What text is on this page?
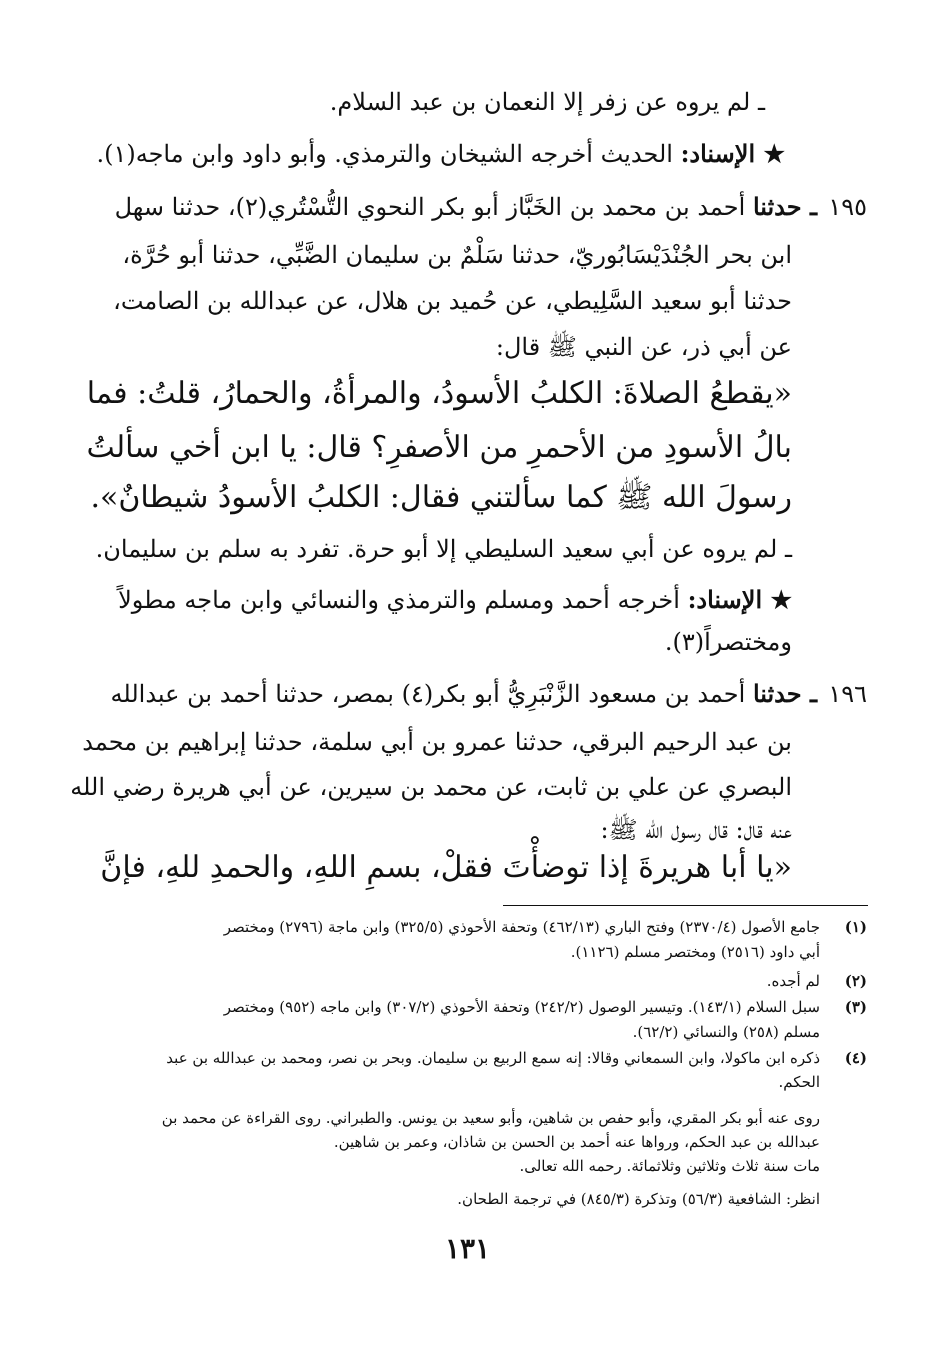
ـ لم يروه عن زفر إلا النعمان بن عبد السلام.
★ الإسناد: الحديث أخرجه الشيخان والترمذي. وأبو داود وابن ماجه(١).
١٩٥
ـ حدثنا أحمد بن محمد بن الخَبَّاز أبو بكر النحوي التُّسْتُري(٢)، حدثنا سهل
ابن بحر الجُنْدَيْسَابُوريّ، حدثنا سَلْمٌ بن سليمان الضَّبِّي، حدثنا أبو حُرَّة،
حدثنا أبو سعيد السَّلِيطي، عن حُميد بن هلال، عن عبدالله بن الصامت،
عن أبي ذر، عن النبي ﷺ قال:
«يقطعُ الصلاةَ: الكلبُ الأسودُ، والمرأةُ، والحمارُ، قلتُ: فما
بالُ الأسودِ من الأحمرِ من الأصفرِ؟ قال: يا ابن أخي سألتُ
رسولَ الله ﷺ كما سألتني فقال: الكلبُ الأسودُ شيطانٌ».
ـ لم يروه عن أبي سعيد السليطي إلا أبو حرة. تفرد به سلم بن سليمان.
★ الإسناد: أخرجه أحمد ومسلم والترمذي والنسائي وابن ماجه مطولاً
ومختصراً(٣).
١٩٦
ـ حدثنا أحمد بن مسعود الزَّنْبَرِيُّ أبو بكر(٤) بمصر، حدثنا أحمد بن عبدالله
بن عبد الرحيم البرقي، حدثنا عمرو بن أبي سلمة، حدثنا إبراهيم بن محمد
البصري عن علي بن ثابت، عن محمد بن سيرين، عن أبي هريرة رضي الله
عنه قال: قال رسول الله ﷺ:
«يا أبا هريرةَ إذا توضأْتَ فقلْ، بسمِ اللهِ، والحمدِ للهِ، فإنَّ
(١)
جامع الأصول (٢٣٧٠/٤) وفتح الباري (٤٦٢/١٣) وتحفة الأحوذي (٣٢٥/٥) وابن ماجة (٢٧٩٦) ومختصر
أبي داود (٢٥١٦) ومختصر مسلم (١١٢٦).
(٢)
لم أجده.
(٣)
سبل السلام (١٤٣/١). وتيسير الوصول (٢٤٢/٢) وتحفة الأحوذي (٣٠٧/٢) وابن ماجه (٩٥٢) ومختصر
مسلم (٢٥٨) والنسائي (٦٢/٢).
(٤)
ذكره ابن ماكولا، وابن السمعاني وقالا: إنه سمع الربيع بن سليمان. وبحر بن نصر، ومحمد بن عبدالله بن عبد
الحكم.
روى عنه أبو بكر المقري، وأبو حفص بن شاهين، وأبو سعيد بن يونس. والطبراني. روى القراءة عن محمد بن
عبدالله بن عبد الحكم، ورواها عنه أحمد بن الحسن بن شاذان، وعمر بن شاهين.
مات سنة ثلاث وثلاثين وثلاثمائة. رحمه الله تعالى.
انظر: الشافعية (٥٦/٣) وتذكرة (٨٤٥/٣) في ترجمة الطحان.
١٣١
